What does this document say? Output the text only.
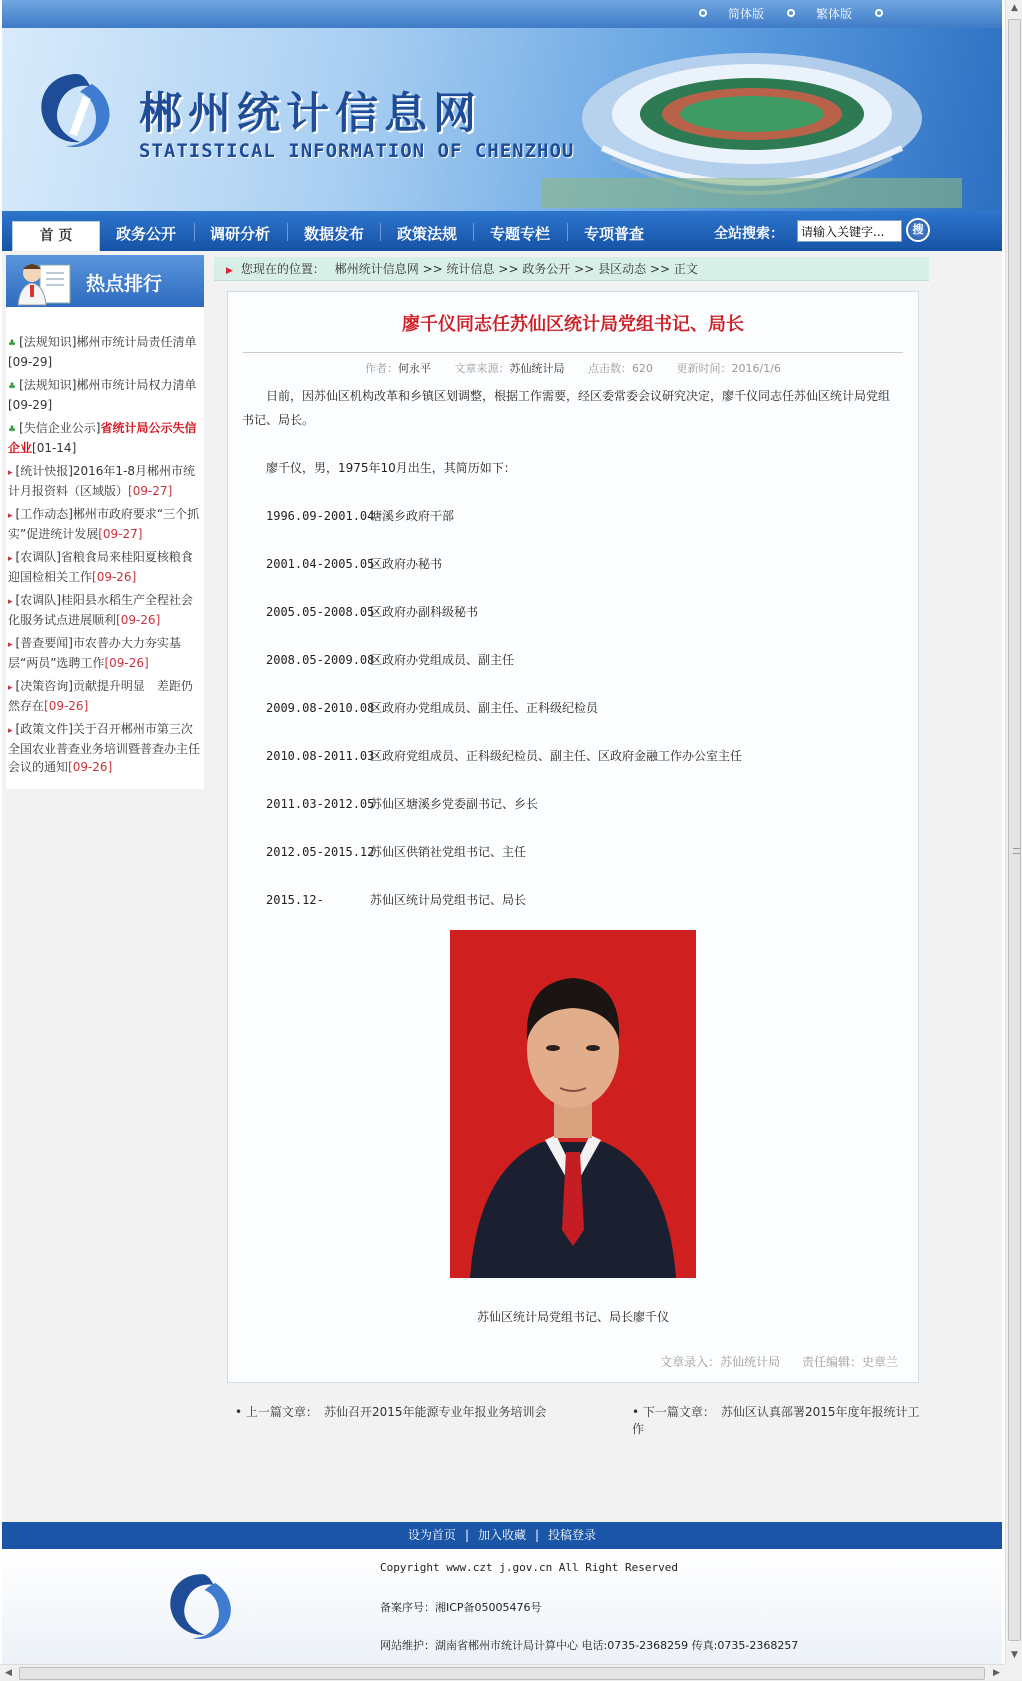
简体版	繁体版
郴州统计信息网
STATISTICAL INFORMATION OF CHENZHOU
首 页	政务公开 调研分析 数据发布 政策法规 专题专栏 专项普查	全站搜索：
请输入关键字...	搜
热点排行
♣ [法规知识]郴州市统计局责任清单[09-29]
♣ [法规知识]郴州市统计局权力清单[09-29]
♣ [失信企业公示]省统计局公示失信企业[01-14]
▸ [统计快报]2016年1-8月郴州市统计月报资料（区域版）[09-27]
▸ [工作动态]郴州市政府要求“三个抓实”促进统计发展[09-27]
▸ [农调队]省粮食局来桂阳夏核粮食迎国检相关工作[09-26]
▸ [农调队]桂阳县水稻生产全程社会化服务试点进展顺利[09-26]
▸ [普查要闻]市农普办大力夯实基层“两员”选聘工作[09-26]
▸ [决策咨询]贡献提升明显　差距仍然存在[09-26]
▸ [政策文件]关于召开郴州市第三次全国农业普查业务培训暨普查办主任会议的通知[09-26]
▶ 您现在的位置： 郴州统计信息网 >> 统计信息 >> 政务公开 >> 县区动态 >> 正文
廖千仪同志任苏仙区统计局党组书记、局长
作者：何永平 文章来源：苏仙统计局 点击数：620 更新时间：2016/1/6
日前，因苏仙区机构改革和乡镇区划调整，根据工作需要，经区委常委会议研究决定，廖千仪同志任苏仙区统计局党组书记、局长。
廖千仪，男，1975年10月出生，其简历如下：
1996.09-2001.04塘溪乡政府干部
2001.04-2005.05区政府办秘书
2005.05-2008.05区政府办副科级秘书
2008.05-2009.08区政府办党组成员、副主任
2009.08-2010.08区政府办党组成员、副主任、正科级纪检员
2010.08-2011.03区政府党组成员、正科级纪检员、副主任、区政府金融工作办公室主任
2011.03-2012.05苏仙区塘溪乡党委副书记、乡长
2012.05-2015.12苏仙区供销社党组书记、主任
2015.12-        苏仙区统计局党组书记、局长
苏仙区统计局党组书记、局长廖千仪
文章录入：苏仙统计局 责任编辑：史章兰
• 上一篇文章：　 苏仙召开2015年能源专业年报业务培训会	• 下一篇文章：　 苏仙区认真部署2015年度年报统计工作
设为首页 | 加入收藏 | 投稿登录
Copyright www.czt j.gov.cn All Right Reserved
备案序号：湘ICP备05005476号
网站维护：湖南省郴州市统计局计算中心 电话:0735-2368259 传真:0735-2368257
▲
▼
◀	▶
